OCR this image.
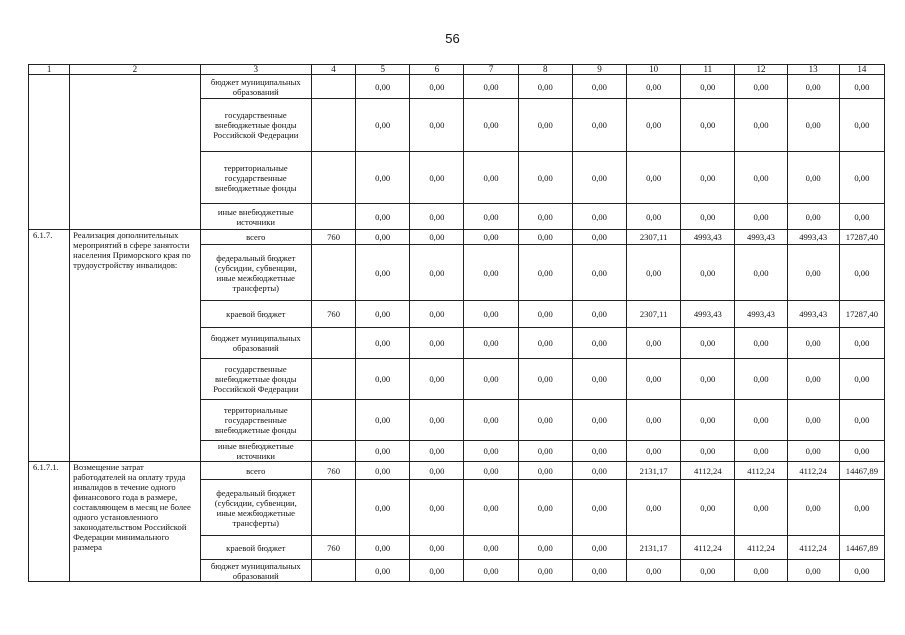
56
1	2	3	4	5	6	7	8	9	10	11	12	13	14
		бюджет муниципальных образований		0,00	0,00	0,00	0,00	0,00	0,00	0,00	0,00	0,00	0,00
		государственные внебюджетные фонды Российской Федерации		0,00	0,00	0,00	0,00	0,00	0,00	0,00	0,00	0,00	0,00
		территориальные государственные внебюджетные фонды		0,00	0,00	0,00	0,00	0,00	0,00	0,00	0,00	0,00	0,00
		иные внебюджетные источники		0,00	0,00	0,00	0,00	0,00	0,00	0,00	0,00	0,00	0,00
6.1.7.	Реализация дополнительных мероприятий в сфере занятости населения Приморского края по трудоустройству инвалидов:	всего	760	0,00	0,00	0,00	0,00	0,00	2307,11	4993,43	4993,43	4993,43	17287,40
		федеральный бюджет (субсидии, субвенции, иные межбюджетные трансферты)		0,00	0,00	0,00	0,00	0,00	0,00	0,00	0,00	0,00	0,00
		краевой бюджет	760	0,00	0,00	0,00	0,00	0,00	2307,11	4993,43	4993,43	4993,43	17287,40
		бюджет муниципальных образований		0,00	0,00	0,00	0,00	0,00	0,00	0,00	0,00	0,00	0,00
		государственные внебюджетные фонды Российской Федерации		0,00	0,00	0,00	0,00	0,00	0,00	0,00	0,00	0,00	0,00
		территориальные государственные внебюджетные фонды		0,00	0,00	0,00	0,00	0,00	0,00	0,00	0,00	0,00	0,00
		иные внебюджетные источники		0,00	0,00	0,00	0,00	0,00	0,00	0,00	0,00	0,00	0,00
6.1.7.1.	Возмещение затрат работодателей на оплату труда инвалидов в течение одного финансового года в размере, составляющем в месяц не более одного установленного законодательством Российской Федерации минимального размера	всего	760	0,00	0,00	0,00	0,00	0,00	2131,17	4112,24	4112,24	4112,24	14467,89
		федеральный бюджет (субсидии, субвенции, иные межбюджетные трансферты)		0,00	0,00	0,00	0,00	0,00	0,00	0,00	0,00	0,00	0,00
		краевой бюджет	760	0,00	0,00	0,00	0,00	0,00	2131,17	4112,24	4112,24	4112,24	14467,89
		бюджет муниципальных образований		0,00	0,00	0,00	0,00	0,00	0,00	0,00	0,00	0,00	0,00
